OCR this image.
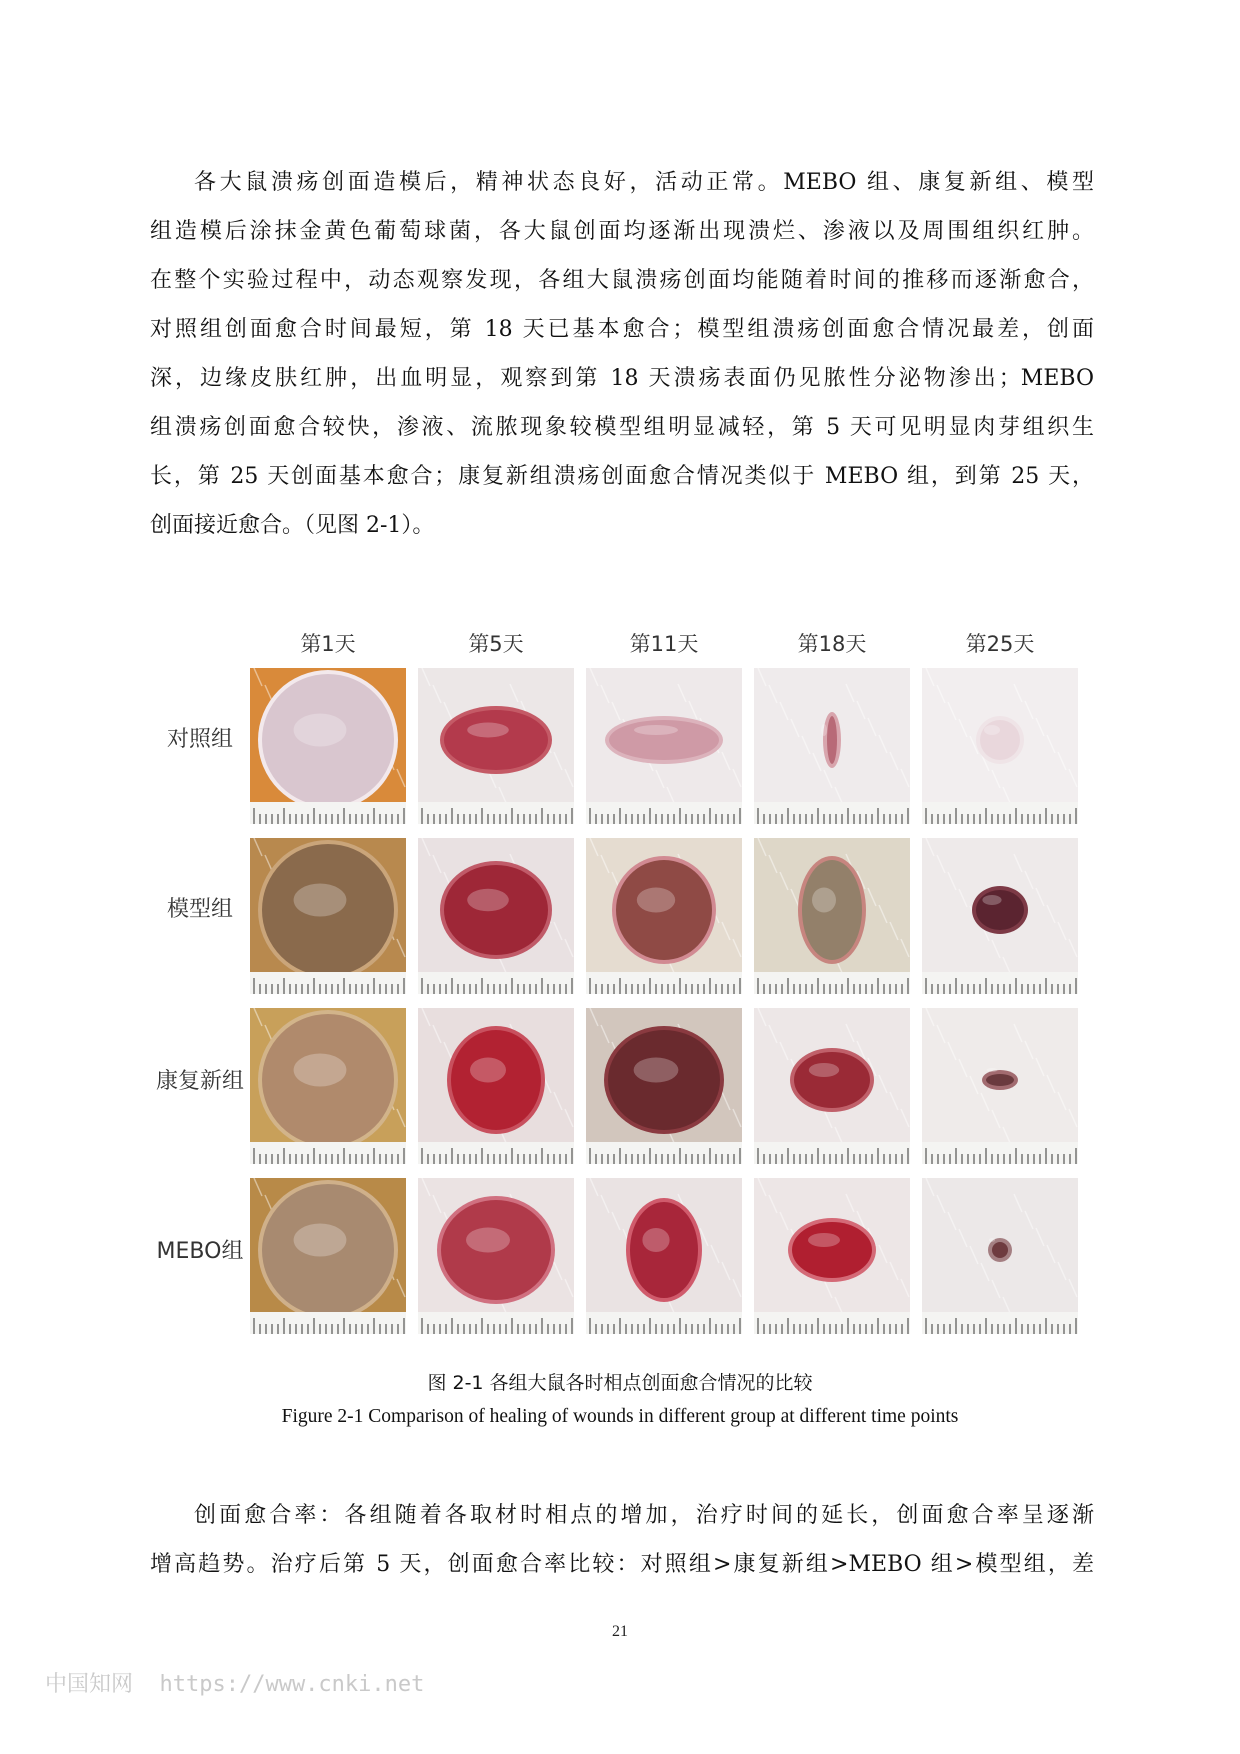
各大鼠溃疡创面造模后，精神状态良好，活动正常。MEBO 组、康复新组、模型
组造模后涂抹金黄色葡萄球菌，各大鼠创面均逐渐出现溃烂、渗液以及周围组织红肿。
在整个实验过程中，动态观察发现，各组大鼠溃疡创面均能随着时间的推移而逐渐愈合，
对照组创面愈合时间最短，第 18 天已基本愈合；模型组溃疡创面愈合情况最差，创面
深，边缘皮肤红肿，出血明显，观察到第 18 天溃疡表面仍见脓性分泌物渗出；MEBO
组溃疡创面愈合较快，渗液、流脓现象较模型组明显减轻，第 5 天可见明显肉芽组织生
长，第 25 天创面基本愈合；康复新组溃疡创面愈合情况类似于 MEBO 组，到第 25 天，
创面接近愈合。（见图 2-1）。
第1天	第5天	第11天	第18天	第25天
对照组
模型组
康复新组
MEBO组
图 2-1 各组大鼠各时相点创面愈合情况的比较
Figure 2-1 Comparison of healing of wounds in different group at different time points
创面愈合率：各组随着各取材时相点的增加，治疗时间的延长，创面愈合率呈逐渐
增高趋势。治疗后第 5 天，创面愈合率比较：对照组>康复新组>MEBO 组>模型组，差
21
中国知网  https://www.cnki.net
